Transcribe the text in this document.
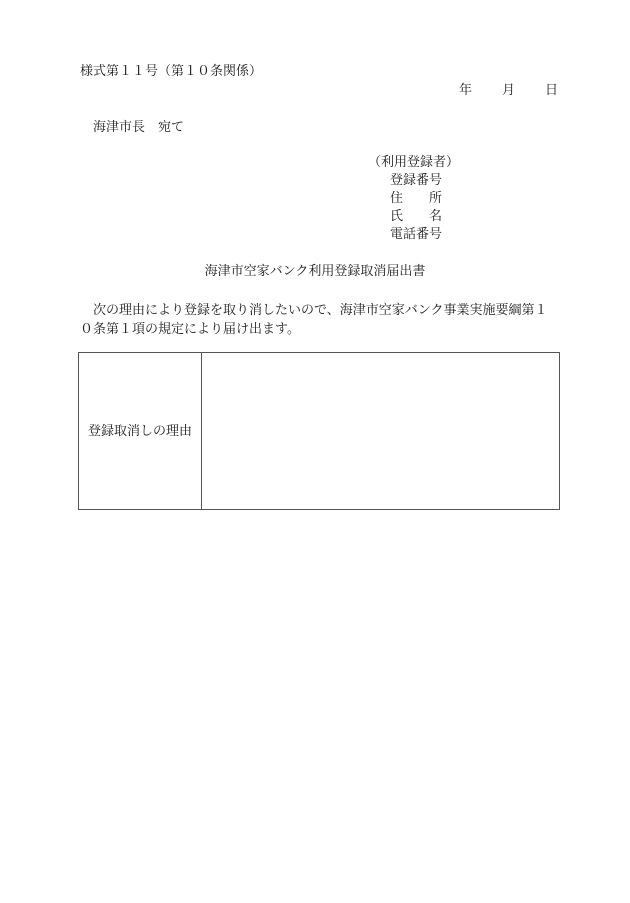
様式第１１号（第１０条関係）
年 月 日
海津市長　宛て
（利用登録者）
登録番号
住　　所
氏　　名
電話番号
海津市空家バンク利用登録取消届出書

　次の理由により登録を取り消したいので、海津市空家バンク事業実施要綱第１

０条第１項の規定により届け出ます。

登録取消しの理由	
